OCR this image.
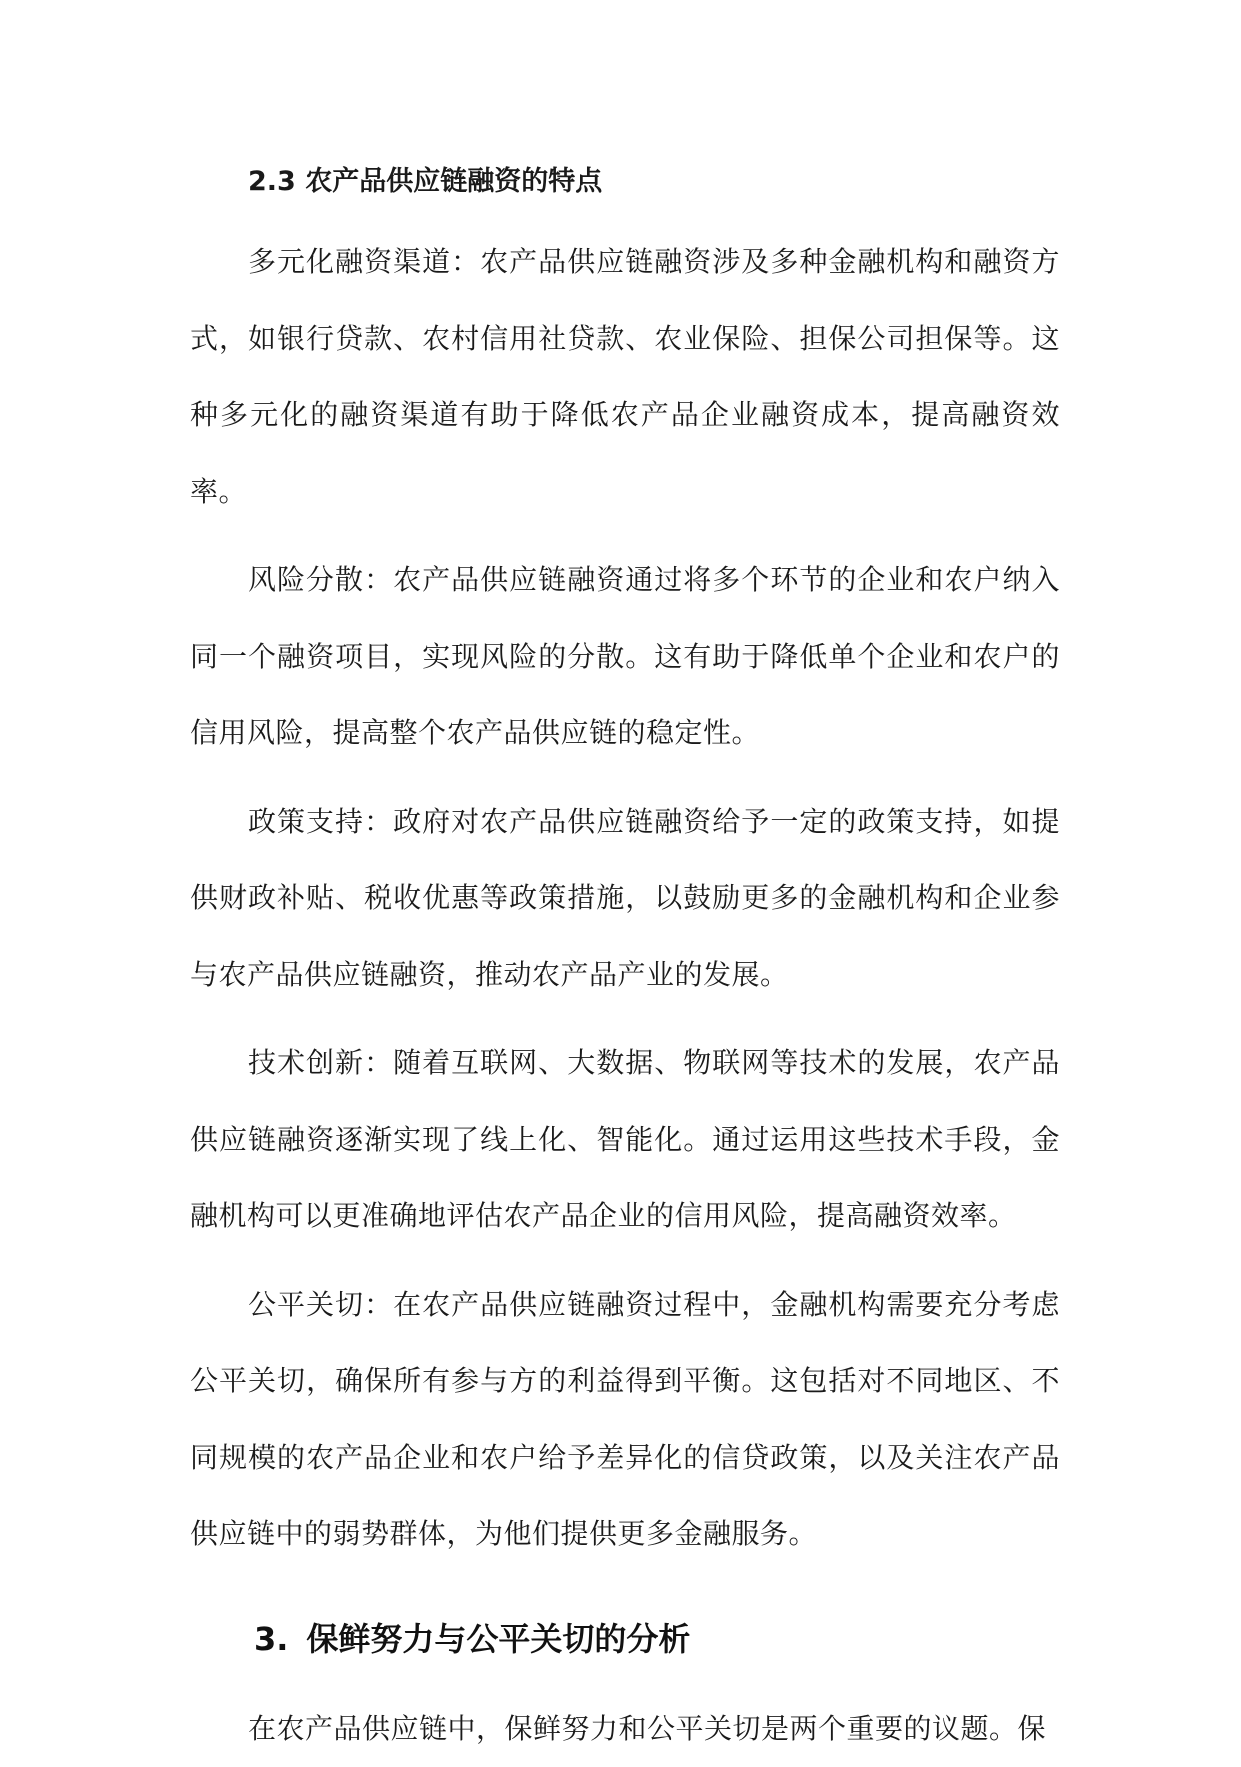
2.3 农产品供应链融资的特点

多元化融资渠道：农产品供应链融资涉及多种金融机构和融资方式，如银行贷款、农村信用社贷款、农业保险、担保公司担保等。这种多元化的融资渠道有助于降低农产品企业融资成本，提高融资效率。

风险分散：农产品供应链融资通过将多个环节的企业和农户纳入同一个融资项目，实现风险的分散。这有助于降低单个企业和农户的信用风险，提高整个农产品供应链的稳定性。

政策支持：政府对农产品供应链融资给予一定的政策支持，如提供财政补贴、税收优惠等政策措施，以鼓励更多的金融机构和企业参与农产品供应链融资，推动农产品产业的发展。

技术创新：随着互联网、大数据、物联网等技术的发展，农产品供应链融资逐渐实现了线上化、智能化。通过运用这些技术手段，金融机构可以更准确地评估农产品企业的信用风险，提高融资效率。

公平关切：在农产品供应链融资过程中，金融机构需要充分考虑公平关切，确保所有参与方的利益得到平衡。这包括对不同地区、不同规模的农产品企业和农户给予差异化的信贷政策，以及关注农产品供应链中的弱势群体，为他们提供更多金融服务。

3. 保鲜努力与公平关切的分析

在农产品供应链中，保鲜努力和公平关切是两个重要的议题。保
